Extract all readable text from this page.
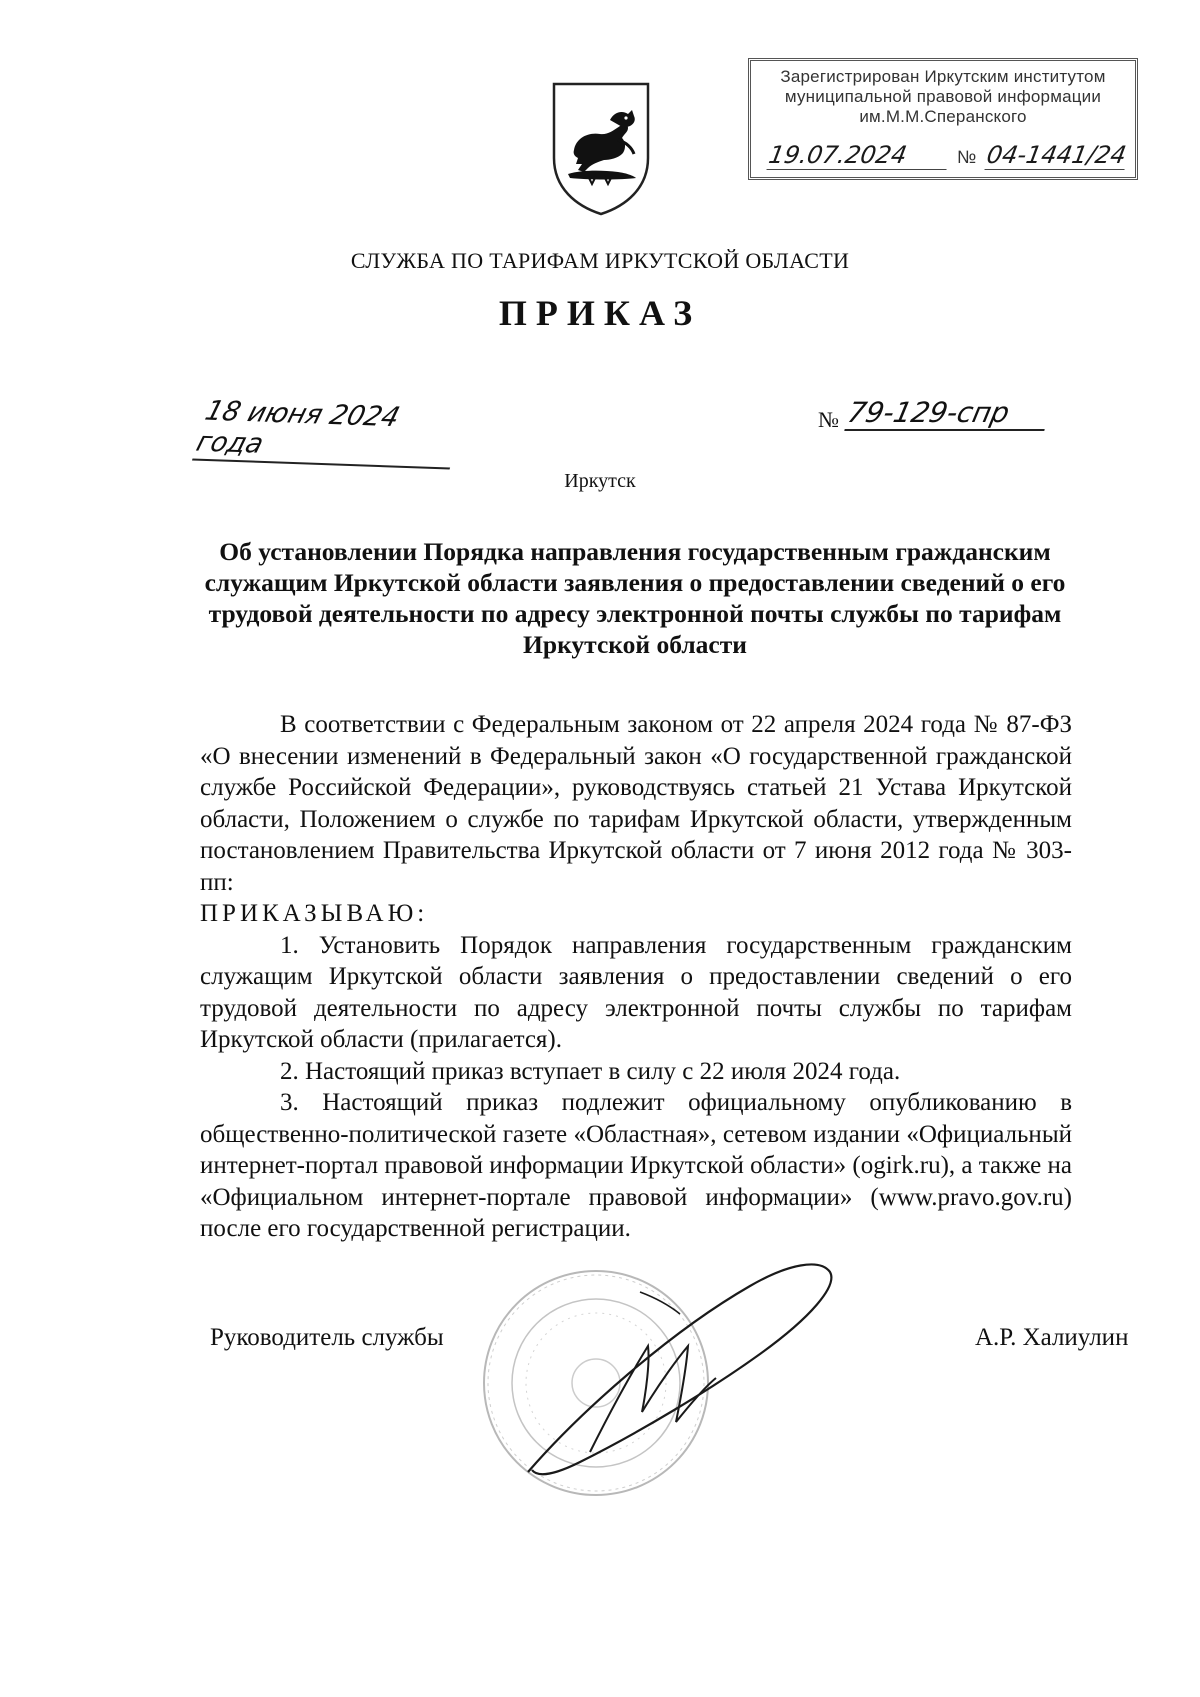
Зарегистрирован Иркутским институтом
муниципальной правовой информации
им.М.М.Сперанского
19.07.2024	№ 04-1441/24
СЛУЖБА ПО ТАРИФАМ ИРКУТСКОЙ ОБЛАСТИ
ПРИКАЗ
18 июня 2024 года
№ 79-129-спр
Иркутск
Об установлении Порядка направления государственным гражданским служащим Иркутской области заявления о предоставлении сведений о его трудовой деятельности по адресу электронной почты службы по тарифам Иркутской области

В соответствии с Федеральным законом от 22 апреля 2024 года № 87-ФЗ «О внесении изменений в Федеральный закон «О государственной гражданской службе Российской Федерации», руководствуясь статьей 21 Устава Иркутской области, Положением о службе по тарифам Иркутской области, утвержденным постановлением Правительства Иркутской области от 7 июня 2012 года № 303-пп:

ПРИКАЗЫВАЮ:

1. Установить Порядок направления государственным гражданским служащим Иркутской области заявления о предоставлении сведений о его трудовой деятельности по адресу электронной почты службы по тарифам Иркутской области (прилагается).

2. Настоящий приказ вступает в силу с 22 июля 2024 года.

3. Настоящий приказ подлежит официальному опубликованию в общественно-политической газете «Областная», сетевом издании «Официальный интернет-портал правовой информации Иркутской области» (ogirk.ru), а также на «Официальном интернет-портале правовой информации» (www.pravo.gov.ru) после его государственной регистрации.

Руководитель службы	А.Р. Халиулин
